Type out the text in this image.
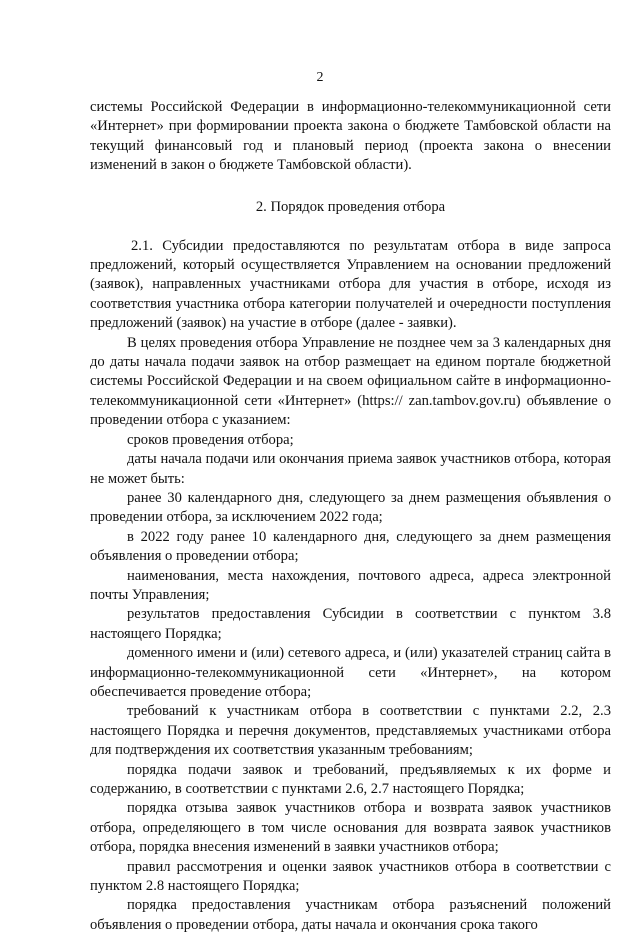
2

системы Российской Федерации в информационно-телекоммуникационной сети «Интернет» при формировании проекта закона о бюджете Тамбовской области на текущий финансовый год и плановый период (проекта закона о внесении изменений в закон о бюджете Тамбовской области).

2. Порядок проведения отбора

2.1. Субсидии предоставляются по результатам отбора в виде запроса предложений, который осуществляется Управлением на основании предложений (заявок), направленных участниками отбора для участия в отборе, исходя из соответствия участника отбора категории получателей и очередности поступления предложений (заявок) на участие в отборе (далее - заявки).

В целях проведения отбора Управление не позднее чем за 3 календарных дня до даты начала подачи заявок на отбор размещает на едином портале бюджетной системы Российской Федерации и на своем официальном сайте в информационно-телекоммуникационной сети «Интернет» (https:// zan.tambov.gov.ru) объявление о проведении отбора с указанием:

сроков проведения отбора;

даты начала подачи или окончания приема заявок участников отбора, которая не может быть:

ранее 30 календарного дня, следующего за днем размещения объявления о проведении отбора, за исключением 2022 года;

в 2022 году ранее 10 календарного дня, следующего за днем размещения объявления о проведении отбора;

наименования, места нахождения, почтового адреса, адреса электронной почты Управления;

результатов предоставления Субсидии в соответствии с пунктом 3.8 настоящего Порядка;

доменного имени и (или) сетевого адреса, и (или) указателей страниц сайта в информационно-телекоммуникационной сети «Интернет», на котором обеспечивается проведение отбора;

требований к участникам отбора в соответствии с пунктами 2.2, 2.3 настоящего Порядка и перечня документов, представляемых участниками отбора для подтверждения их соответствия указанным требованиям;

порядка подачи заявок и требований, предъявляемых к их форме и содержанию, в соответствии с пунктами 2.6, 2.7 настоящего Порядка;

порядка отзыва заявок участников отбора и возврата заявок участников отбора, определяющего в том числе основания для возврата заявок участников отбора, порядка внесения изменений в заявки участников отбора;

правил рассмотрения и оценки заявок участников отбора в соответствии с пунктом 2.8 настоящего Порядка;

порядка предоставления участникам отбора разъяснений положений объявления о проведении отбора, даты начала и окончания срока такого
